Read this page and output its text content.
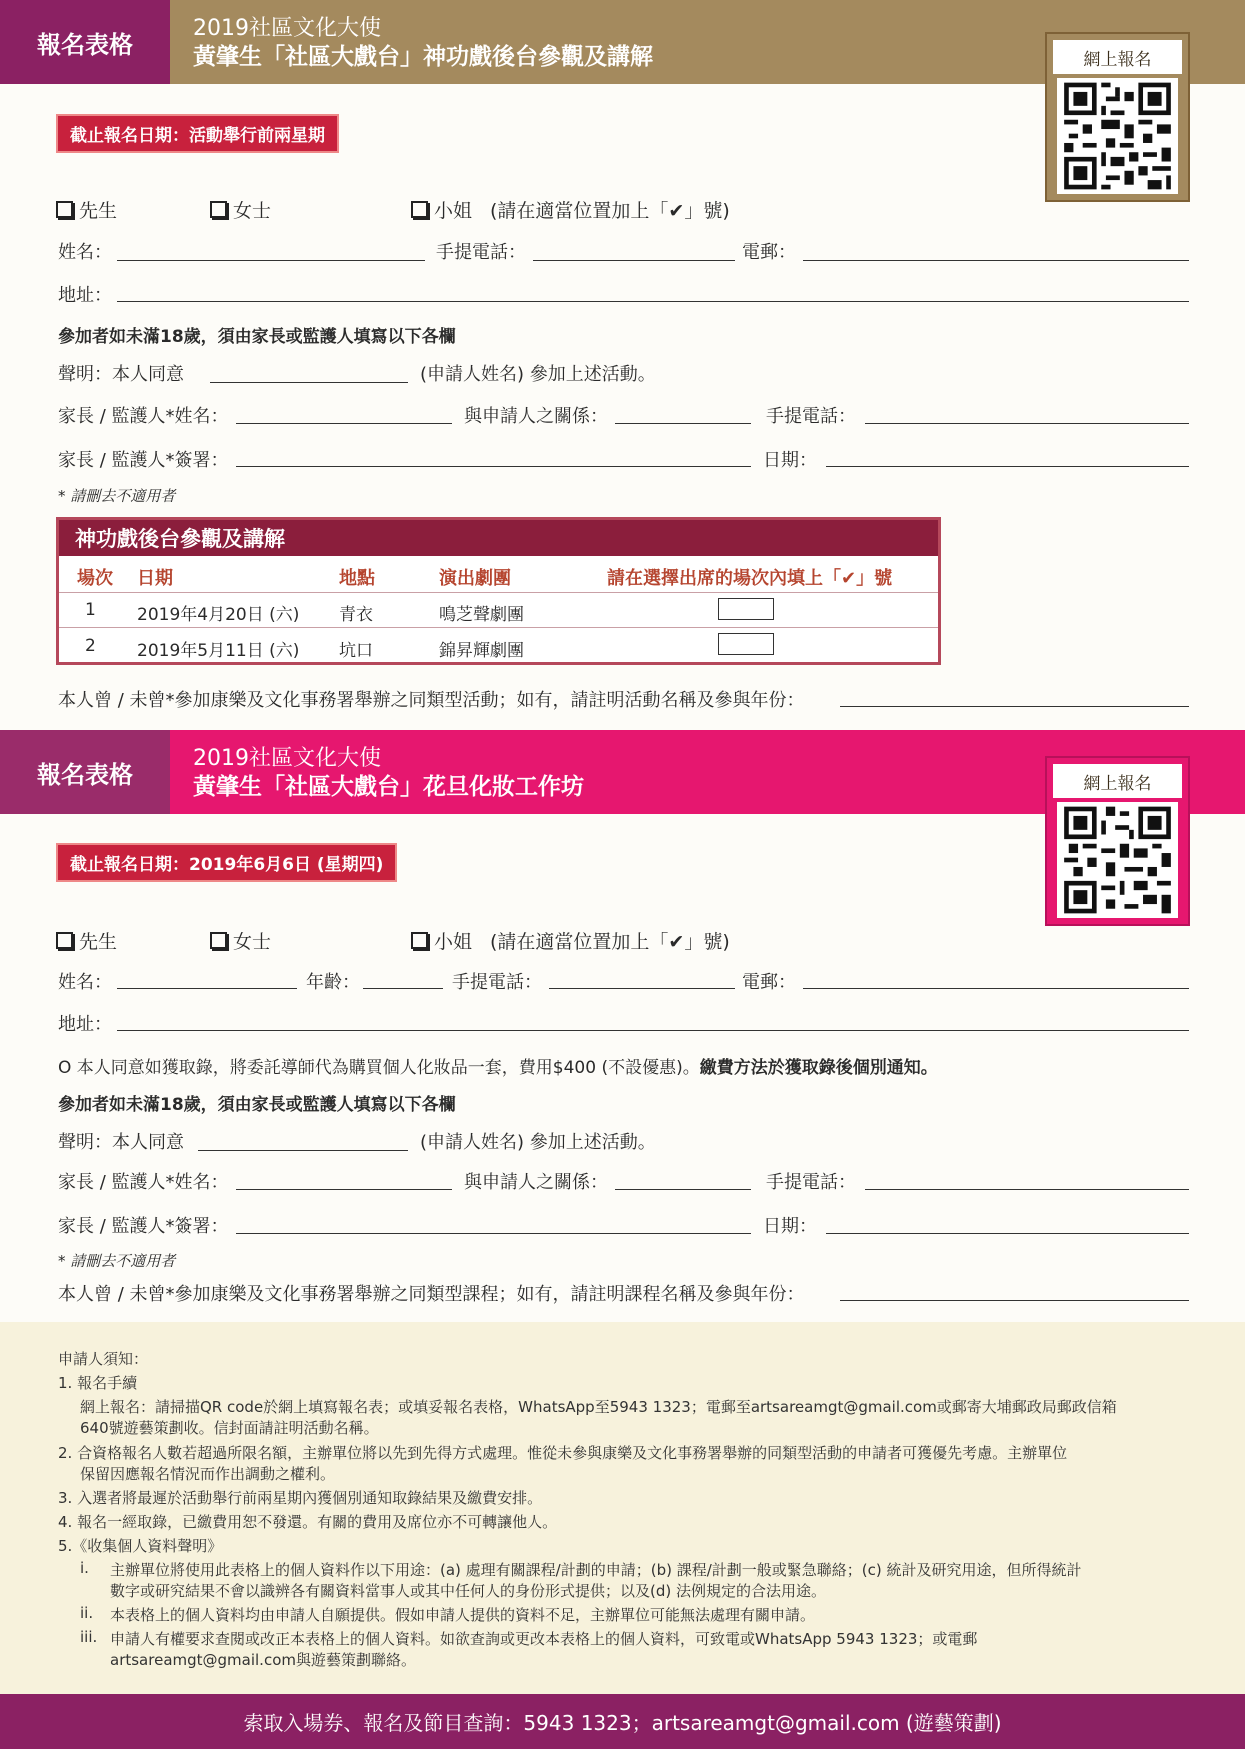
報名表格
2019社區文化大使
黃肇生「社區大戲台」神功戲後台參觀及講解	網上報名
截止報名日期：活動舉行前兩星期
先生	女士	小姐 (請在適當位置加上「✔」號)
姓名：	手提電話：	電郵：
地址：
參加者如未滿18歲，須由家長或監護人填寫以下各欄
聲明：本人同意	(申請人姓名) 參加上述活動。
家長 / 監護人*姓名：	與申請人之關係：	手提電話：
家長 / 監護人*簽署：	日期：
* 請刪去不適用者
神功戲後台參觀及講解
場次 日期	地點	演出劇團	請在選擇出席的場次內填上「✔」號
1 2019年4月20日 (六) 青衣	鳴芝聲劇團
2 2019年5月11日 (六) 坑口	錦昇輝劇團
本人曾 / 未曾*參加康樂及文化事務署舉辦之同類型活動；如有，請註明活動名稱及參與年份：
報名表格
2019社區文化大使
黃肇生「社區大戲台」花旦化妝工作坊	網上報名
截止報名日期：2019年6月6日 (星期四)
先生	女士	小姐 (請在適當位置加上「✔」號)
姓名：	年齡：	手提電話：	電郵：
地址：
O 本人同意如獲取錄，將委託導師代為購買個人化妝品一套，費用$400 (不設優惠)。繳費方法於獲取錄後個別通知。
參加者如未滿18歲，須由家長或監護人填寫以下各欄
聲明：本人同意	(申請人姓名) 參加上述活動。
家長 / 監護人*姓名：	與申請人之關係：	手提電話：
家長 / 監護人*簽署：	日期：
* 請刪去不適用者
本人曾 / 未曾*參加康樂及文化事務署舉辦之同類型課程；如有，請註明課程名稱及參與年份：
申請人須知：
1. 報名手續
網上報名：請掃描QR code於網上填寫報名表；或填妥報名表格，WhatsApp至5943 1323；電郵至artsareamgt@gmail.com或郵寄大埔郵政局郵政信箱
640號遊藝策劃收。信封面請註明活動名稱。
2. 合資格報名人數若超過所限名額，主辦單位將以先到先得方式處理。惟從未參與康樂及文化事務署舉辦的同類型活動的申請者可獲優先考慮。主辦單位
保留因應報名情況而作出調動之權利。
3. 入選者將最遲於活動舉行前兩星期內獲個別通知取錄結果及繳費安排。
4. 報名一經取錄，已繳費用恕不發還。有關的費用及席位亦不可轉讓他人。
5.《收集個人資料聲明》
i. 主辦單位將使用此表格上的個人資料作以下用途：(a) 處理有關課程/計劃的申請；(b) 課程/計劃一般或緊急聯絡；(c) 統計及研究用途，但所得統計
數字或研究結果不會以識辨各有關資料當事人或其中任何人的身份形式提供；以及(d) 法例規定的合法用途。
ii. 本表格上的個人資料均由申請人自願提供。假如申請人提供的資料不足，主辦單位可能無法處理有關申請。
iii. 申請人有權要求查閱或改正本表格上的個人資料。如欲查詢或更改本表格上的個人資料，可致電或WhatsApp 5943 1323；或電郵
artsareamgt@gmail.com與遊藝策劃聯絡。
索取入場券、報名及節目查詢：5943 1323；artsareamgt@gmail.com (遊藝策劃)
